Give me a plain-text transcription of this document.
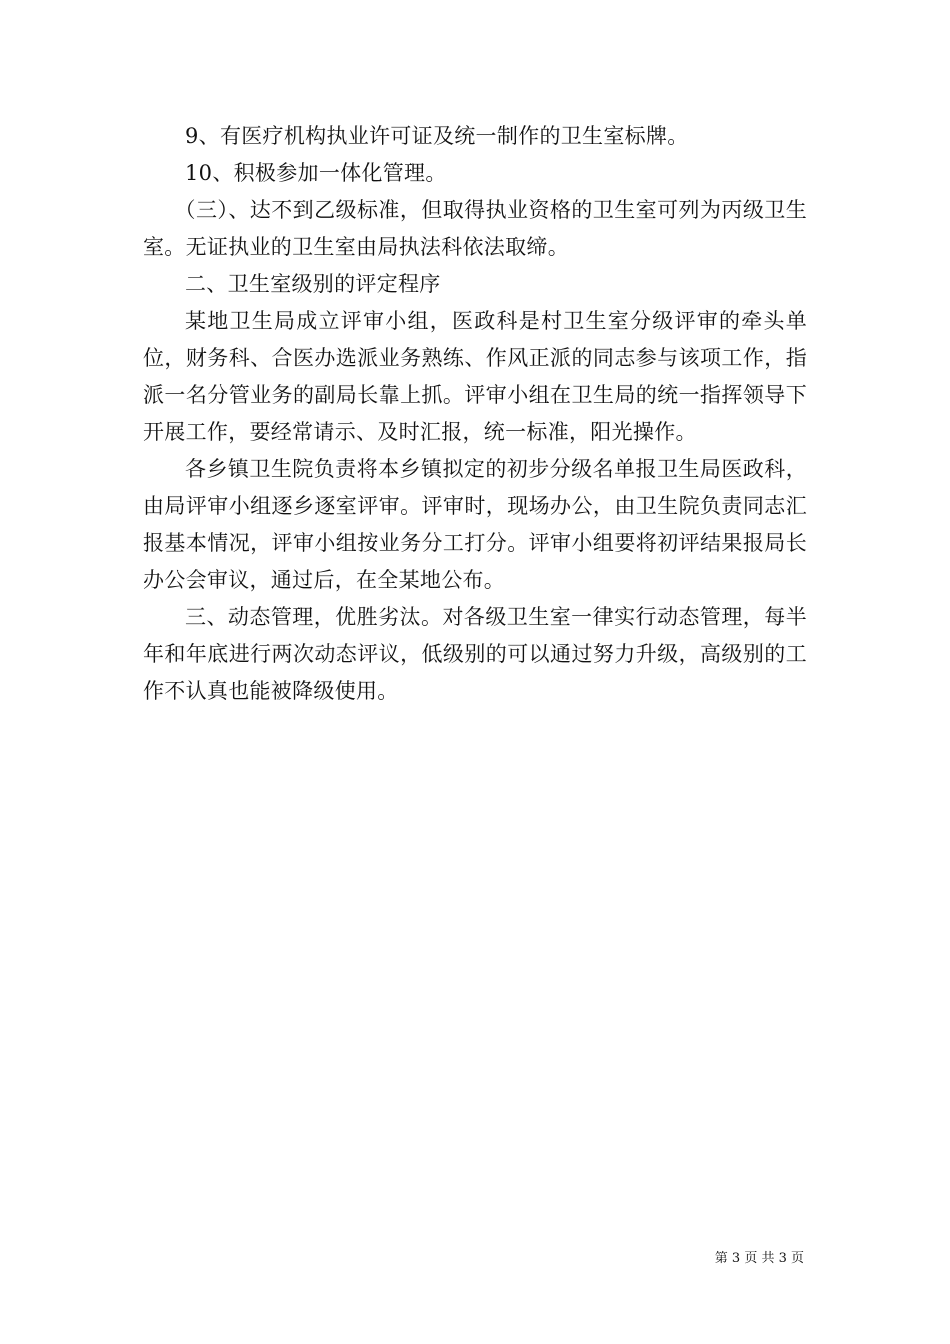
9、有医疗机构执业许可证及统一制作的卫生室标牌。

10、积极参加一体化管理。

（三）、达不到乙级标准，但取得执业资格的卫生室可列为丙级卫生室。无证执业的卫生室由局执法科依法取缔。

二、卫生室级别的评定程序

某地卫生局成立评审小组，医政科是村卫生室分级评审的牵头单位，财务科、合医办选派业务熟练、作风正派的同志参与该项工作，指派一名分管业务的副局长靠上抓。评审小组在卫生局的统一指挥领导下开展工作，要经常请示、及时汇报，统一标准，阳光操作。

各乡镇卫生院负责将本乡镇拟定的初步分级名单报卫生局医政科，由局评审小组逐乡逐室评审。评审时，现场办公，由卫生院负责同志汇报基本情况，评审小组按业务分工打分。评审小组要将初评结果报局长办公会审议，通过后，在全某地公布。

三、动态管理，优胜劣汰。对各级卫生室一律实行动态管理，每半年和年底进行两次动态评议，低级别的可以通过努力升级，高级别的工作不认真也能被降级使用。

第 3 页 共 3 页
